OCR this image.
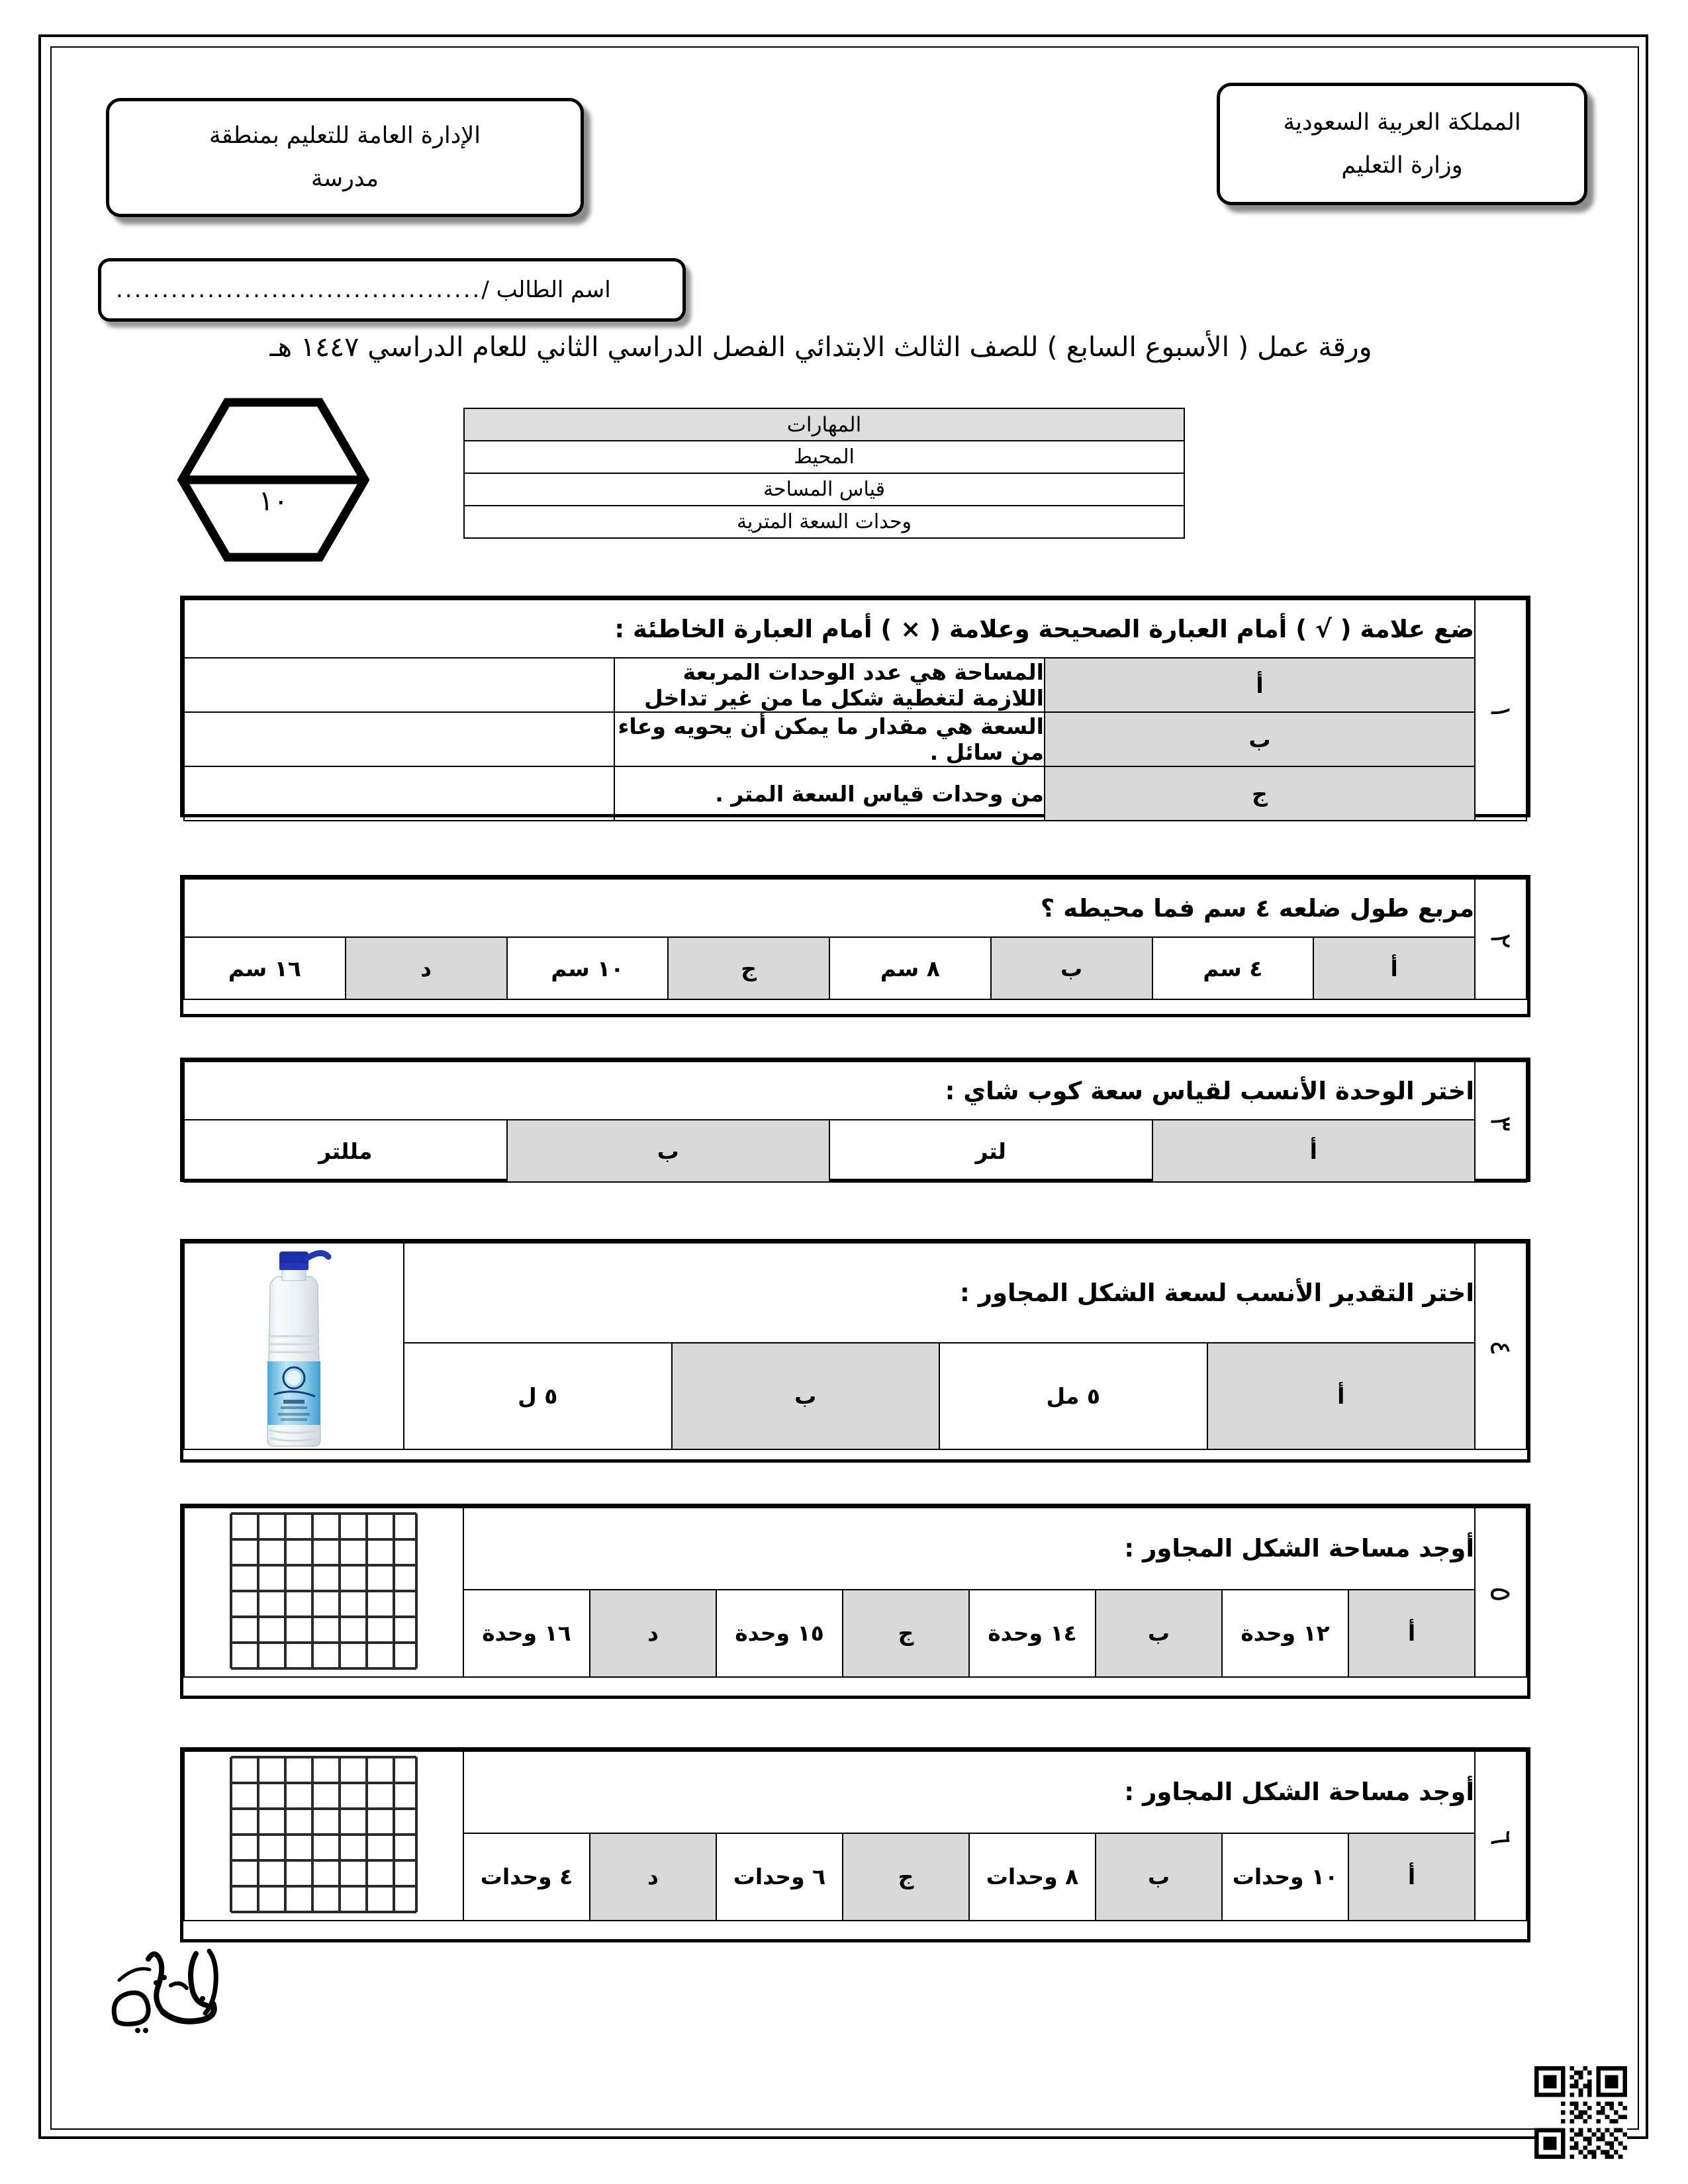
المملكة العربية السعودية
وزارة التعليم
الإدارة العامة للتعليم بمنطقة
مدرسة
اسم الطالب /
........................................
ورقة عمل ( الأسبوع السابع ) للصف الثالث الابتدائي الفصل الدراسي الثاني للعام الدراسي ١٤٤٧ هـ
١٠
المهارات
المحيط
قياس المساحة
وحدات السعة المترية
١	ضع علامة ( √ ) أمام العبارة الصحيحة وعلامة ( × ) أمام العبارة الخاطئة :		
	أ	المساحة هي عدد الوحدات المربعة اللازمة لتغطية شكل ما من غير تداخل	
	ب	السعة هي مقدار ما يمكن أن يحويه وعاء من سائل .	
	ج	من وحدات قياس السعة المتر .	
٢	مربع طول ضلعه ٤ سم فما محيطه ؟							
	أ	٤ سم	ب	٨ سم	ج	١٠ سم	د	١٦ سم
٣	اختر الوحدة الأنسب لقياس سعة كوب شاي :			
	أ	لتر	ب	مللتر
٤	اختر التقدير الأنسب لسعة الشكل المجاور :	

	أ	٥ مل	ب	٥ ل	
٥	أوجد مساحة الشكل المجاور :	

	أ	١٢ وحدة	ب	١٤ وحدة	ج	١٥ وحدة	د	١٦ وحدة	
٦	أوجد مساحة الشكل المجاور :	

	أ	١٠ وحدات	ب	٨ وحدات	ج	٦ وحدات	د	٤ وحدات	
